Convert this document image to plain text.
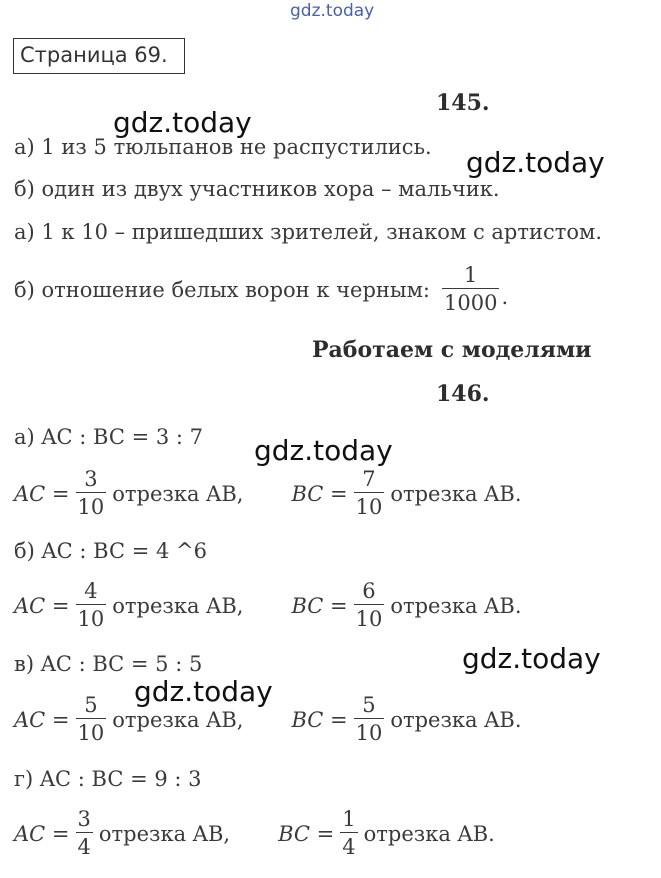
gdz.today
Страница 69.
145.
а) 1 из 5 тюльпанов не распустились.
б) один из двух участников хора – мальчик.
а) 1 к 10 – пришедших зрителей, знаком с артистом.
б) отношение белых ворон к черным: $\frac{1}{1000}$ .
Работаем с моделями
146.
а) AC : BC = 3 : 7
AC = $\frac{3}{10}$ отрезка AB, BC = $\frac{7}{10}$ отрезка AB.
б) AC : BC = 4 ^6
AC = $\frac{4}{10}$ отрезка AB, BC = $\frac{6}{10}$ отрезка AB.
в) AC : BC = 5 : 5
AC = $\frac{5}{10}$ отрезка AB, BC = $\frac{5}{10}$ отрезка AB.
г) AC : BC = 9 : 3
AC = $\frac{3}{4}$ отрезка AB, BC = $\frac{1}{4}$ отрезка AB.
gdz.today
gdz.today
gdz.today
gdz.today
gdz.today
